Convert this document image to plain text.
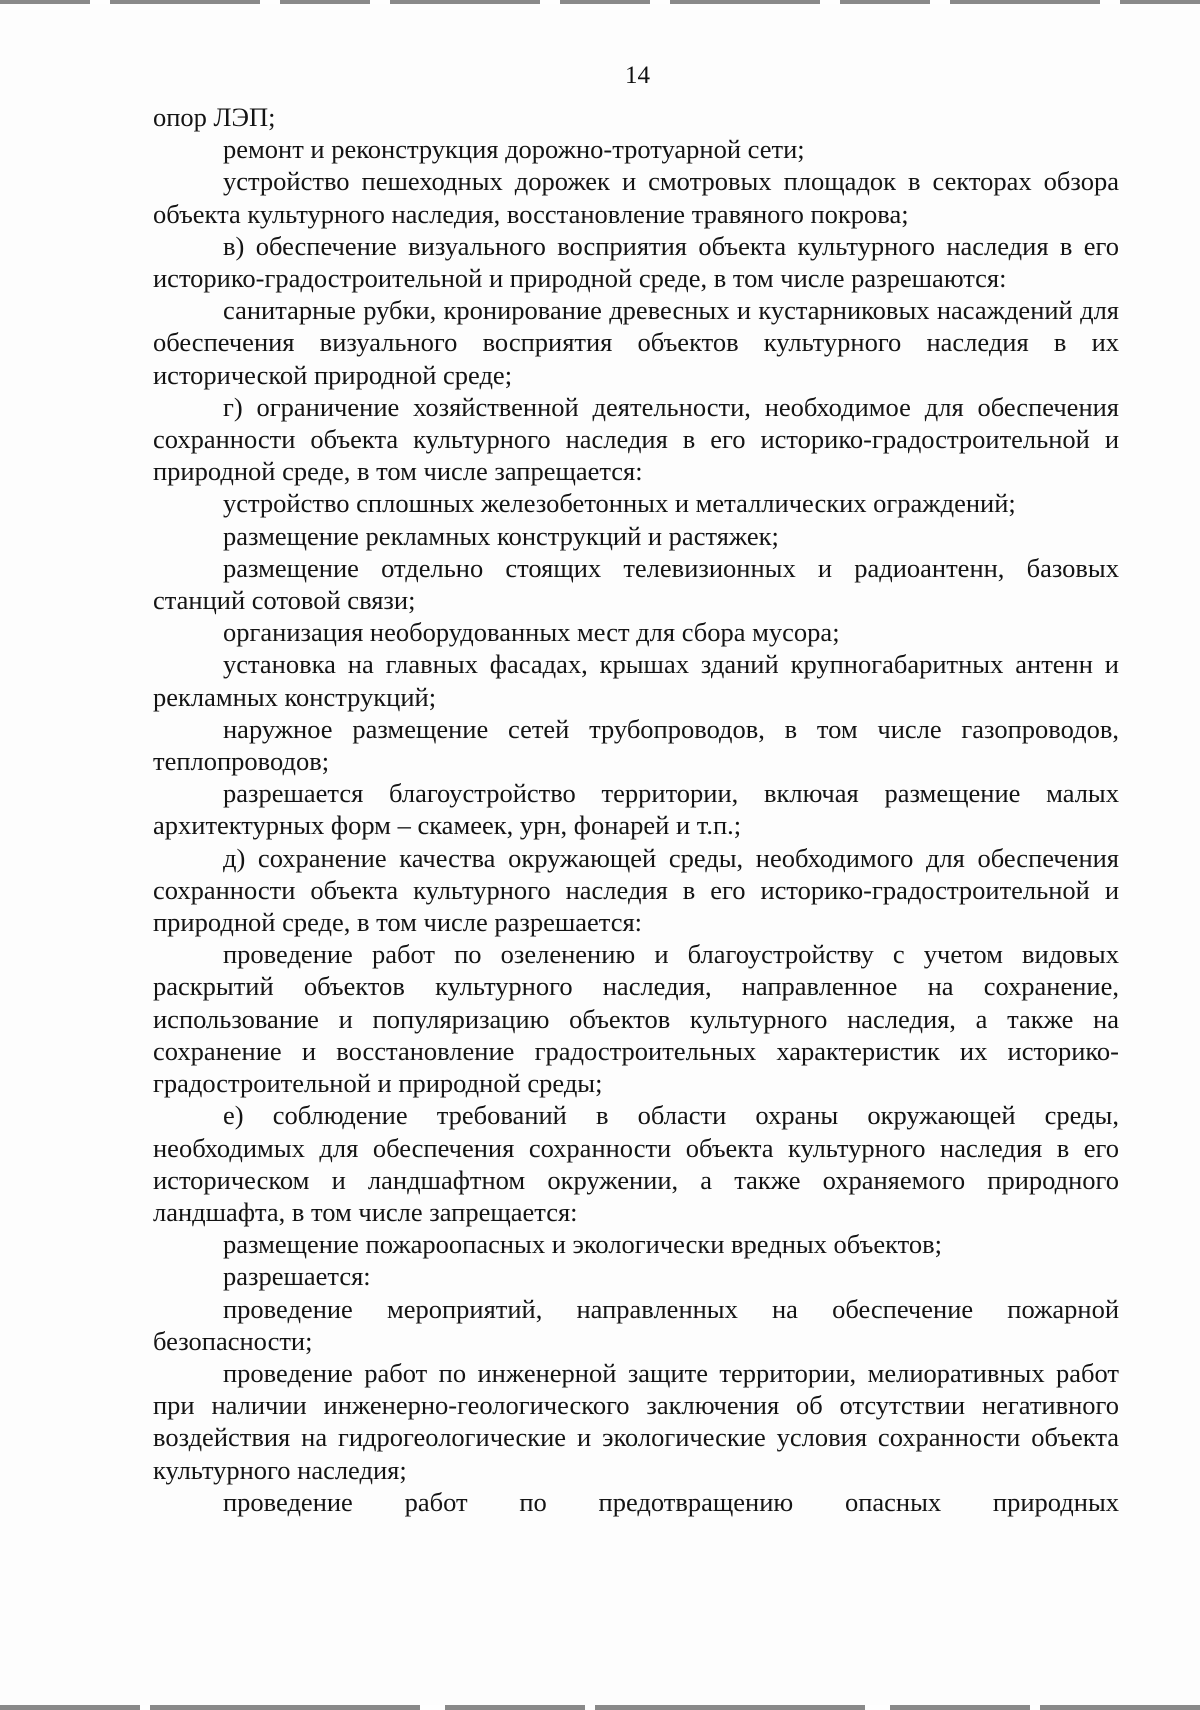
14

опор ЛЭП;

ремонт и реконструкция дорожно-тротуарной сети;

устройство пешеходных дорожек и смотровых площадок в секторах обзора объекта культурного наследия, восстановление травяного покрова;

в) обеспечение визуального восприятия объекта культурного наследия в его историко-градостроительной и природной среде, в том числе разрешаются:

санитарные рубки, кронирование древесных и кустарниковых насаждений для обеспечения визуального восприятия объектов культурного наследия в их исторической природной среде;

г) ограничение хозяйственной деятельности, необходимое для обеспечения сохранности объекта культурного наследия в его историко-градостроительной и природной среде, в том числе запрещается:

устройство сплошных железобетонных и металлических ограждений;

размещение рекламных конструкций и растяжек;

размещение отдельно стоящих телевизионных и радиоантенн, базовых станций сотовой связи;

организация необорудованных мест для сбора мусора;

установка на главных фасадах, крышах зданий крупногабаритных антенн и рекламных конструкций;

наружное размещение сетей трубопроводов, в том числе газопроводов, теплопроводов;

разрешается благоустройство территории, включая размещение малых архитектурных форм – скамеек, урн, фонарей и т.п.;

д) сохранение качества окружающей среды, необходимого для обеспечения сохранности объекта культурного наследия в его историко-градостроительной и природной среде, в том числе разрешается:

проведение работ по озеленению и благоустройству с учетом видовых раскрытий объектов культурного наследия, направленное на сохранение, использование и популяризацию объектов культурного наследия, а также на сохранение и восстановление градостроительных характеристик их историко-градостроительной и природной среды;

е) соблюдение требований в области охраны окружающей среды, необходимых для обеспечения сохранности объекта культурного наследия в его историческом и ландшафтном окружении, а также охраняемого природного ландшафта, в том числе запрещается:

размещение пожароопасных и экологически вредных объектов;

разрешается:

проведение мероприятий, направленных на обеспечение пожарной безопасности;

проведение работ по инженерной защите территории, мелиоративных работ при наличии инженерно-геологического заключения об отсутствии негативного воздействия на гидрогеологические и экологические условия сохранности объекта культурного наследия;

проведение работ по предотвращению опасных природных
